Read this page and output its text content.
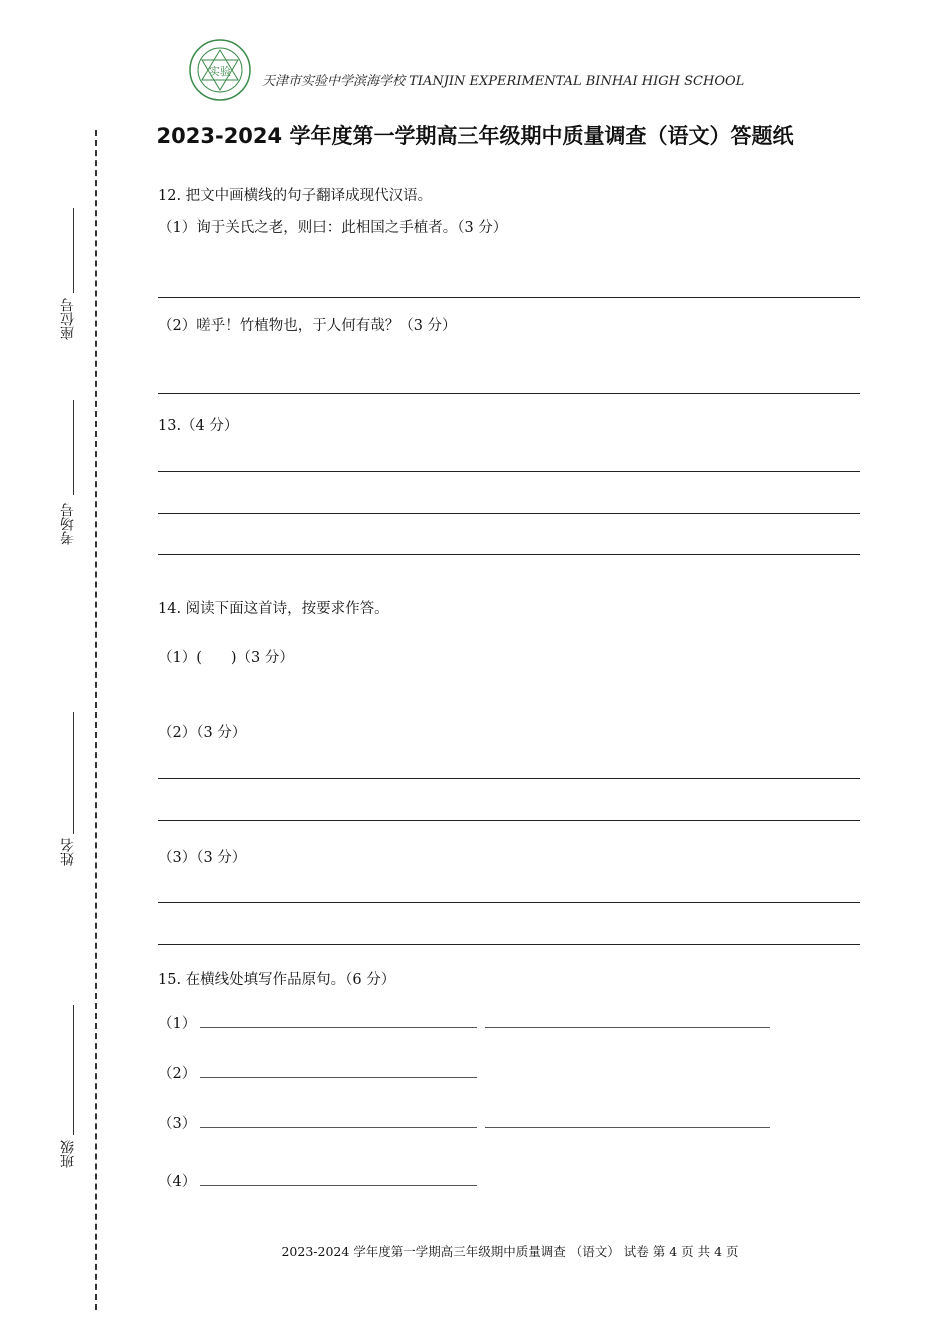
实验
天津市实验中学滨海学校 TIANJIN EXPERIMENTAL BINHAI HIGH SCHOOL
2023-2024 学年度第一学期高三年级期中质量调查（语文）答题纸
座位号
考场号
姓名
班级
12. 把文中画横线的句子翻译成现代汉语。
（1）询于关氏之老，则曰：此相国之手植者。（3 分）
（2）嗟乎！竹植物也，于人何有哉？（3 分）
13.（4 分）
14. 阅读下面这首诗，按要求作答。
（1）(　　)（3 分）
（2）（3 分）
（3）（3 分）
15. 在横线处填写作品原句。（6 分）
（1）
（2）
（3）
（4）
2023-2024 学年度第一学期高三年级期中质量调查 （语文） 试卷 第 4 页 共 4 页
